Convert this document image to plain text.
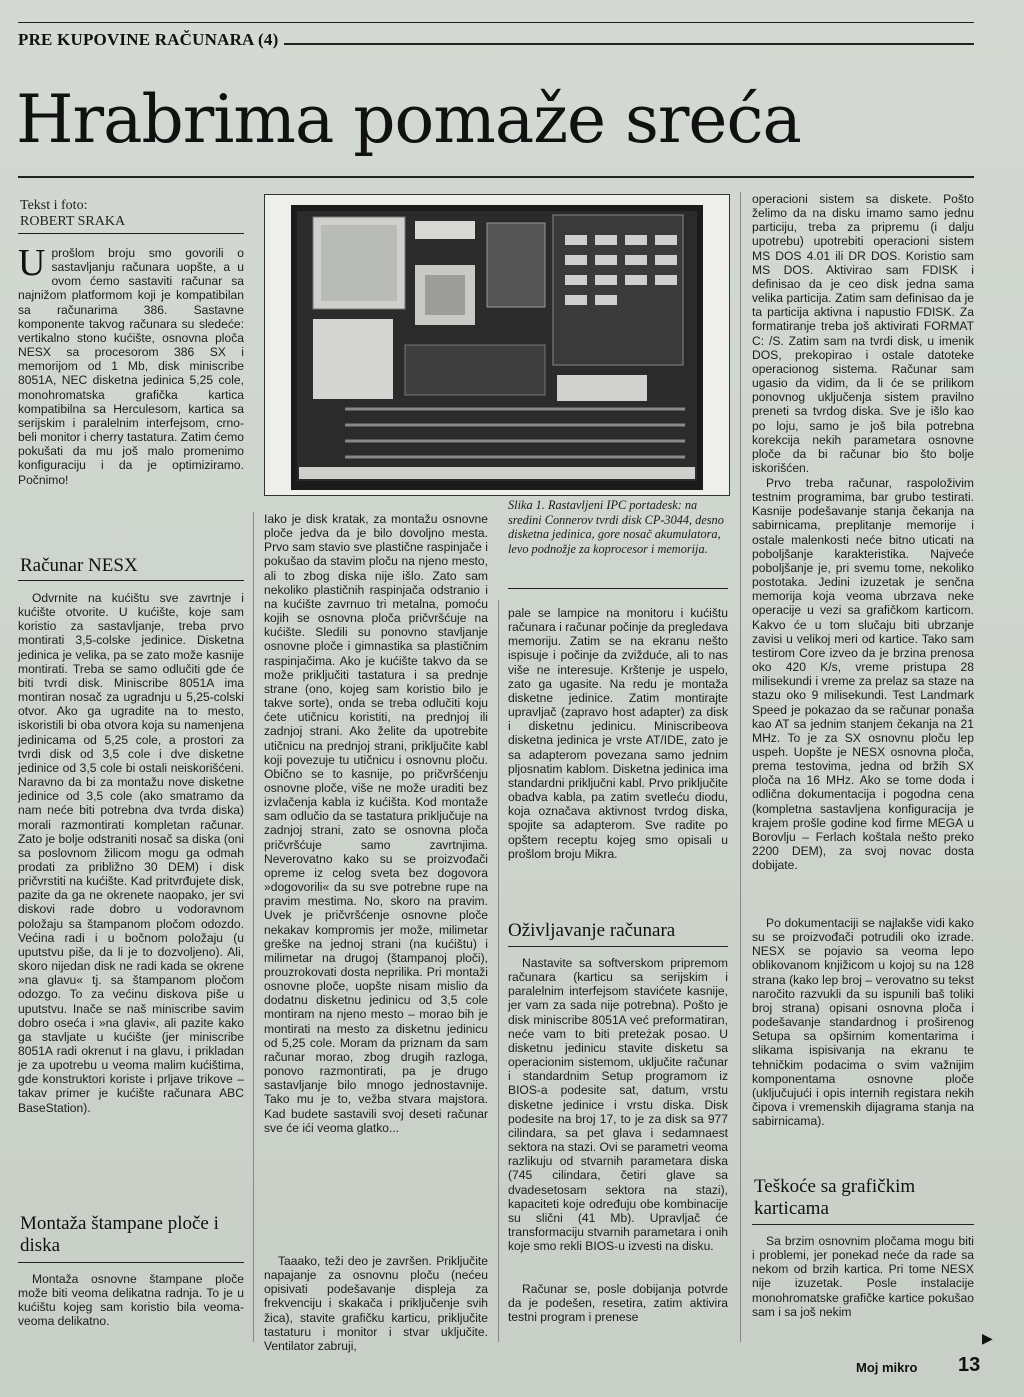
PRE KUPOVINE RAČUNARA (4)
Hrabrima pomaže sreća
Tekst i foto:
ROBERT SRAKA

Uprošlom broju smo govorili o sastavljanju računara uopšte, a u ovom ćemo sastaviti računar sa najnižom platformom koji je kompatibilan sa računarima 386. Sastavne komponente takvog računara su sledeće: vertikalno stono kućište, osnovna ploča NESX sa procesorom 386 SX i memorijom od 1 Mb, disk miniscribe 8051A, NEC disketna jedinica 5,25 cole, monohromatska grafička kartica kompatibilna sa Herculesom, kartica sa serijskim i paralelnim interfejsom, crno-beli monitor i cherry tastatura. Zatim ćemo pokušati da mu još malo promenimo konfiguraciju i da je optimiziramo. Počnimo!

Računar NESX

Odvrnite na kućištu sve zavrtnje i kućište otvorite. U kućište, koje sam koristio za sastavljanje, treba prvo montirati 3,5-colske jedinice. Disketna jedinica je velika, pa se zato može kasnije montirati. Treba se samo odlučiti gde će biti tvrdi disk. Miniscribe 8051A ima montiran nosač za ugradnju u 5,25-colski otvor. Ako ga ugradite na to mesto, iskoristili bi oba otvora koja su namenjena jedinicama od 5,25 cole, a prostori za tvrdi disk od 3,5 cole i dve disketne jedinice od 3,5 cole bi ostali neiskorišćeni. Naravno da bi za montažu nove disketne jedinice od 3,5 cole (ako smatramo da nam neće biti potrebna dva tvrda diska) morali razmontirati kompletan računar. Zato je bolje odstraniti nosač sa diska (oni sa poslovnom žilicom mogu ga odmah prodati za približno 30 DEM) i disk pričvrstiti na kućište. Kad pritvrđujete disk, pazite da ga ne okrenete naopako, jer svi diskovi rade dobro u vodoravnom položaju sa štampanom pločom odozdo. Većina radi i u bočnom položaju (u uputstvu piše, da li je to dozvoljeno). Ali, skoro nijedan disk ne radi kada se okrene »na glavu« tj. sa štampanom pločom odozgo. To za većinu diskova piše u uputstvu. Inače se naš miniscribe savim dobro oseća i »na glavi«, ali pazite kako ga stavljate u kućište (jer miniscribe 8051A radi okrenut i na glavu, i prikladan je za upotrebu u veoma malim kućištima, gde konstruktori koriste i prljave trikove – takav primer je kućište računara ABC BaseStation).

Montaža štampane ploče i diska

Montaža osnovne štampane ploče može biti veoma delikatna radnja. To je u kućištu kojeg sam koristio bila veoma-veoma delikatno.

Iako je disk kratak, za montažu osnovne ploče jedva da je bilo dovoljno mesta. Prvo sam stavio sve plastične raspinjače i pokušao da stavim ploču na njeno mesto, ali to zbog diska nije išlo. Zato sam nekoliko plastičnih raspinjača odstranio i na kućište zavrnuo tri metalna, pomoću kojih se osnovna ploča pričvršćuje na kućište. Sledili su ponovno stavljanje osnovne ploče i gimnastika sa plastičnim raspinjačima. Ako je kućište takvo da se može priključiti tastatura i sa prednje strane (ono, kojeg sam koristio bilo je takve sorte), onda se treba odlučiti koju ćete utičnicu koristiti, na prednjoj ili zadnjoj strani. Ako želite da upotrebite utičnicu na prednjoj strani, priključite kabl koji povezuje tu utičnicu i osnovnu ploču. Obično se to kasnije, po pričvršćenju osnovne ploče, više ne može uraditi bez izvlačenja kabla iz kućišta. Kod montaže sam odlučio da se tastatura priključuje na zadnjoj strani, zato se osnovna ploča pričvršćuje samo zavrtnjima. Neverovatno kako su se proizvođači opreme iz celog sveta bez dogovora »dogovorili« da su sve potrebne rupe na pravim mestima. No, skoro na pravim. Uvek je pričvršćenje osnovne ploče nekakav kompromis jer može, milimetar greške na jednoj strani (na kućištu) i milimetar na drugoj (štampanoj ploči), prouzrokovati dosta neprilika. Pri montaži osnovne ploče, uopšte nisam mislio da dodatnu disketnu jedinicu od 3,5 cole montiram na njeno mesto – morao bih je montirati na mesto za disketnu jedinicu od 5,25 cole. Moram da priznam da sam računar morao, zbog drugih razloga, ponovo razmontirati, pa je drugo sastavljanje bilo mnogo jednostavnije. Tako mu je to, vežba stvara majstora. Kad budete sastavili svoj deseti računar sve će ići veoma glatko...

Taaako, teži deo je završen. Priključite napajanje za osnovnu ploču (nećeu opisivati podešavanje displeja za frekvenciju i skakača i priključenje svih žica), stavite grafičku karticu, priključite tastaturu i monitor i stvar uključite. Ventilator zabruji,

Slika 1. Rastavljeni IPC portadesk: na sredini Connerov tvrdi disk CP-3044, desno disketna jedinica, gore nosač akumulatora, levo podnožje za koprocesor i memorija.

pale se lampice na monitoru i kućištu računara i računar počinje da pregledava memoriju. Zatim se na ekranu nešto ispisuje i počinje da zvižduće, ali to nas više ne interesuje. Krštenje je uspelo, zato ga ugasite. Na redu je montaža disketne jedinice. Zatim montirajte upravljač (zapravo host adapter) za disk i disketnu jedinicu. Miniscribeova disketna jedinica je vrste AT/IDE, zato je sa adapterom povezana samo jednim pljosnatim kablom. Disketna jedinica ima standardni priključni kabl. Prvo priključite obadva kabla, pa zatim svetleću diodu, koja označava aktivnost tvrdog diska, spojite sa adapterom. Sve radite po opštem receptu kojeg smo opisali u prošlom broju Mikra.

Oživljavanje računara

Nastavite sa softverskom pripremom računara (karticu sa serijskim i paralelnim interfejsom stavićete kasnije, jer vam za sada nije potrebna). Pošto je disk miniscribe 8051A već preformatiran, neće vam to biti preteżak posao. U disketnu jedinicu stavite disketu sa operacionim sistemom, uključite računar i standardnim Setup programom iz BIOS-a podesite sat, datum, vrstu disketne jedinice i vrstu diska. Disk podesite na broj 17, to je za disk sa 977 cilindara, sa pet glava i sedamnaest sektora na stazi. Ovi se parametri veoma razlikuju od stvarnih parametara diska (745 cilindara, četiri glave sa dvadesetosam sektora na stazi), kapaciteti koje određuju obe kombinacije su slični (41 Mb). Upravljač će transformaciju stvarnih parametara i onih koje smo rekli BIOS-u izvesti na disku.

Računar se, posle dobijanja potvrde da je podešen, resetira, zatim aktivira testni program i prenese

operacioni sistem sa diskete. Pošto želimo da na disku imamo samo jednu particiju, treba za pripremu (i dalju upotrebu) upotrebiti operacioni sistem MS DOS 4.01 ili DR DOS. Koristio sam MS DOS. Aktivirao sam FDISK i definisao da je ceo disk jedna sama velika particija. Zatim sam definisao da je ta particija aktivna i napustio FDISK. Za formatiranje treba još aktivirati FORMAT C: /S. Zatim sam na tvrdi disk, u imenik DOS, prekopirao i ostale datoteke operacionog sistema. Računar sam ugasio da vidim, da li će se prilikom ponovnog uključenja sistem pravilno preneti sa tvrdog diska. Sve je išlo kao po loju, samo je još bila potrebna korekcija nekih parametara osnovne ploče da bi računar bio što bolje iskorišćen.

Prvo treba računar, raspoloživim testnim programima, bar grubo testirati. Kasnije podešavanje stanja čekanja na sabirnicama, preplitanje memorije i ostale malenkosti neće bitno uticati na poboljšanje karakteristika. Najveće poboljšanje je, pri svemu tome, nekoliko postotaka. Jedini izuzetak je senčna memorija koja veoma ubrzava neke operacije u vezi sa grafičkom karticom. Kakvo će u tom slučaju biti ubrzanje zavisi u velikoj meri od kartice. Tako sam testirom Core izveo da je brzina prenosa oko 420 K/s, vreme pristupa 28 milisekundi i vreme za prelaz sa staze na stazu oko 9 milisekundi. Test Landmark Speed je pokazao da se računar ponaša kao AT sa jednim stanjem čekanja na 21 MHz. To je za SX osnovnu ploču lep uspeh. Uopšte je NESX osnovna ploča, prema testovima, jedna od bržih SX ploča na 16 MHz. Ako se tome doda i odlična dokumentacija i pogodna cena (kompletna sastavljena konfiguracija je krajem prošle godine kod firme MEGA u Borovlju – Ferlach koštala nešto preko 2200 DEM), za svoj novac dosta dobijate.

Po dokumentaciji se najlakše vidi kako su se proizvođači potrudili oko izrade. NESX se pojavio sa veoma lepo oblikovanom knjižicom u kojoj su na 128 strana (kako lep broj – verovatno su tekst naročito razvukli da su ispunili baš toliki broj strana) opisani osnovna ploča i podešavanje standardnog i proširenog Setupa sa opširnim komentarima i slikama ispisivanja na ekranu te tehničkim podacima o svim važnijim komponentama osnovne ploče (uključujući i opis internih registara nekih čipova i vremenskih dijagrama stanja na sabirnicama).

Teškoće sa grafičkim karticama

Sa brzim osnovnim pločama mogu biti i problemi, jer ponekad neće da rade sa nekom od brzih kartica. Pri tome NESX nije izuzetak. Posle instalacije monohromatske grafičke kartice pokušao sam i sa još nekim

▶
Moj mikro 13
